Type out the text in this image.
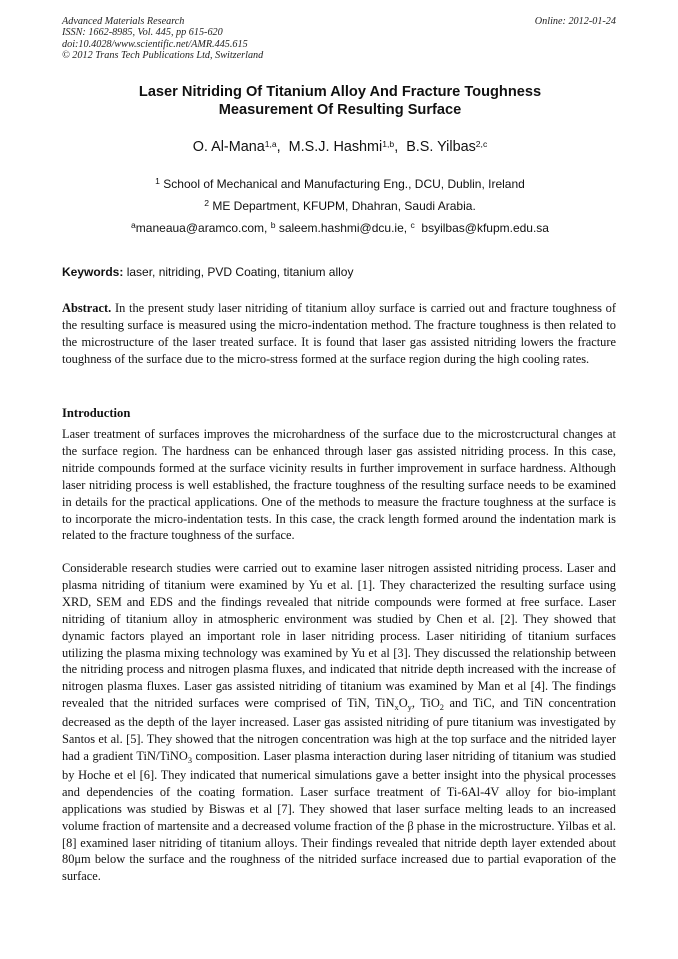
Advanced Materials Research
ISSN: 1662-8985, Vol. 445, pp 615-620
doi:10.4028/www.scientific.net/AMR.445.615
© 2012 Trans Tech Publications Ltd, Switzerland
Online: 2012-01-24
Laser Nitriding Of Titanium Alloy And Fracture Toughness
Measurement Of Resulting Surface
O. Al-Mana$^{1,a}$,  M.S.J. Hashmi$^{1,b}$,  B.S. Yilbas$^{2,c}$
$^1$ School of Mechanical and Manufacturing Eng., DCU, Dublin, Ireland
$^2$ ME Department, KFUPM, Dhahran, Saudi Arabia.
$^a$maneaua@aramco.com, $^b$ saleem.hashmi@dcu.ie, $^c$ bsyilbas@kfupm.edu.sa
Keywords: laser, nitriding, PVD Coating, titanium alloy
Abstract. In the present study laser nitriding of titanium alloy surface is carried out and fracture toughness of the resulting surface is measured using the micro-indentation method. The fracture toughness is then related to the microstructure of the laser treated surface. It is found that laser gas assisted nitriding lowers the fracture toughness of the surface due to the micro-stress formed at the surface region during the high cooling rates.
Introduction
Laser treatment of surfaces improves the microhardness of the surface due to the microstcructural changes at the surface region. The hardness can be enhanced through laser gas assisted nitriding process. In this case, nitride compounds formed at the surface vicinity results in further improvement in surface hardness. Although laser nitriding process is well established, the fracture toughness of the resulting surface needs to be examined in details for the practical applications. One of the methods to measure the fracture toughness at the surface is to incorporate the micro-indentation tests. In this case, the crack length formed around the indentation mark is related to the fracture toughness of the surface.
Considerable research studies were carried out to examine laser nitrogen assisted nitriding process. Laser and plasma nitriding of titanium were examined by Yu et al. [1]. They characterized the resulting surface using XRD, SEM and EDS and the findings revealed that nitride compounds were formed at free surface. Laser nitriding of titanium alloy in atmospheric environment was studied by Chen et al. [2]. They showed that dynamic factors played an important role in laser nitriding process. Laser nitiriding of titanium surfaces utilizing the plasma mixing technology was examined by Yu et al [3]. They discussed the relationship between the nitriding process and nitrogen plasma fluxes, and indicated that nitride depth increased with the increase of nitrogen plasma fluxes. Laser gas assisted nitriding of titanium was examined by Man et al [4]. The findings revealed that the nitrided surfaces were comprised of TiN, $TiN_xO_y$, TiO$_2$ and TiC, and TiN concentration decreased as the depth of the layer increased. Laser gas assisted nitriding of pure titanium was investigated by Santos et al. [5]. They showed that the nitrogen concentration was high at the top surface and the nitrided layer had a gradient TiN/TiNO$_3$ composition. Laser plasma interaction during laser nitriding of titanium was studied by Hoche et el [6]. They indicated that numerical simulations gave a better insight into the physical processes and dependencies of the coating formation. Laser surface treatment of Ti-6Al-4V alloy for bio-implant applications was studied by Biswas et al [7]. They showed that laser surface melting leads to an increased volume fraction of martensite and a decreased volume fraction of the β phase in the microstructure. Yilbas et al. [8] examined laser nitriding of titanium alloys. Their findings revealed that nitride depth layer extended about 80μm below the surface and the roughness of the nitrided surface increased due to partial evaporation of the surface.
